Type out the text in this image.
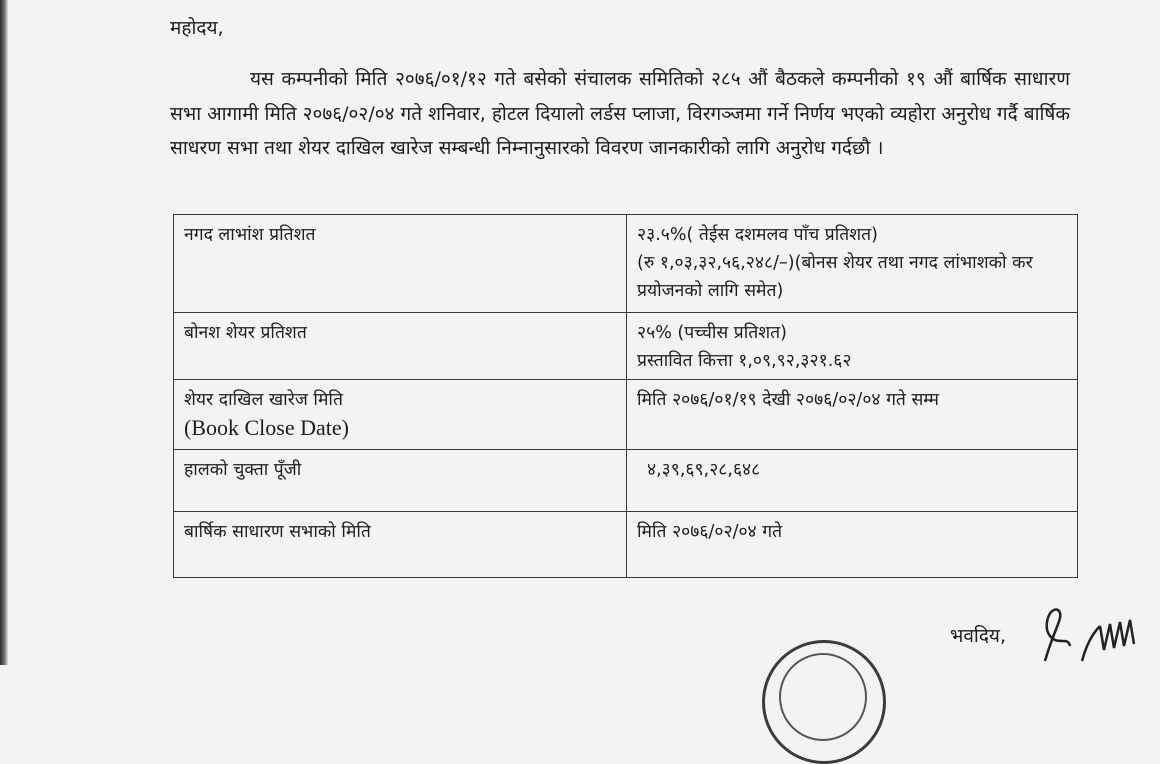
महोदय,
यस कम्पनीको मिति २०७६/०१/१२ गते बसेको संचालक समितिको २८५ औं बैठकले कम्पनीको १९ औं बार्षिक साधारण सभा आगामी मिति २०७६/०२/०४ गते शनिवार, होटल दियालो लर्डस प्लाजा, विरगञ्जमा गर्ने निर्णय भएको व्यहोरा अनुरोध गर्दै बार्षिक साधरण सभा तथा शेयर दाखिल खारेज सम्बन्धी निम्नानुसारको विवरण जानकारीको लागि अनुरोध गर्दछौ ।
नगद लाभांश प्रतिशत	२३.५%( तेईस दशमलव पाँच प्रतिशत)
(रु १,०३,३२,५६,२४८/–)(बोनस शेयर तथा नगद लांभाशको कर प्रयोजनको लागि समेत)

बोनश शेयर प्रतिशत	२५% (पच्चीस प्रतिशत)
प्रस्तावित कित्ता १,०९,९२,३२१.६२

शेयर दाखिल खारेज मिति
(Book Close Date)	मिति २०७६/०१/१९ देखी २०७६/०२/०४ गते सम्म

हालको चुक्ता पूँजी	४,३९,६९,२८,६४८

बार्षिक साधारण सभाको मिति	मिति २०७६/०२/०४ गते
भवदिय,
